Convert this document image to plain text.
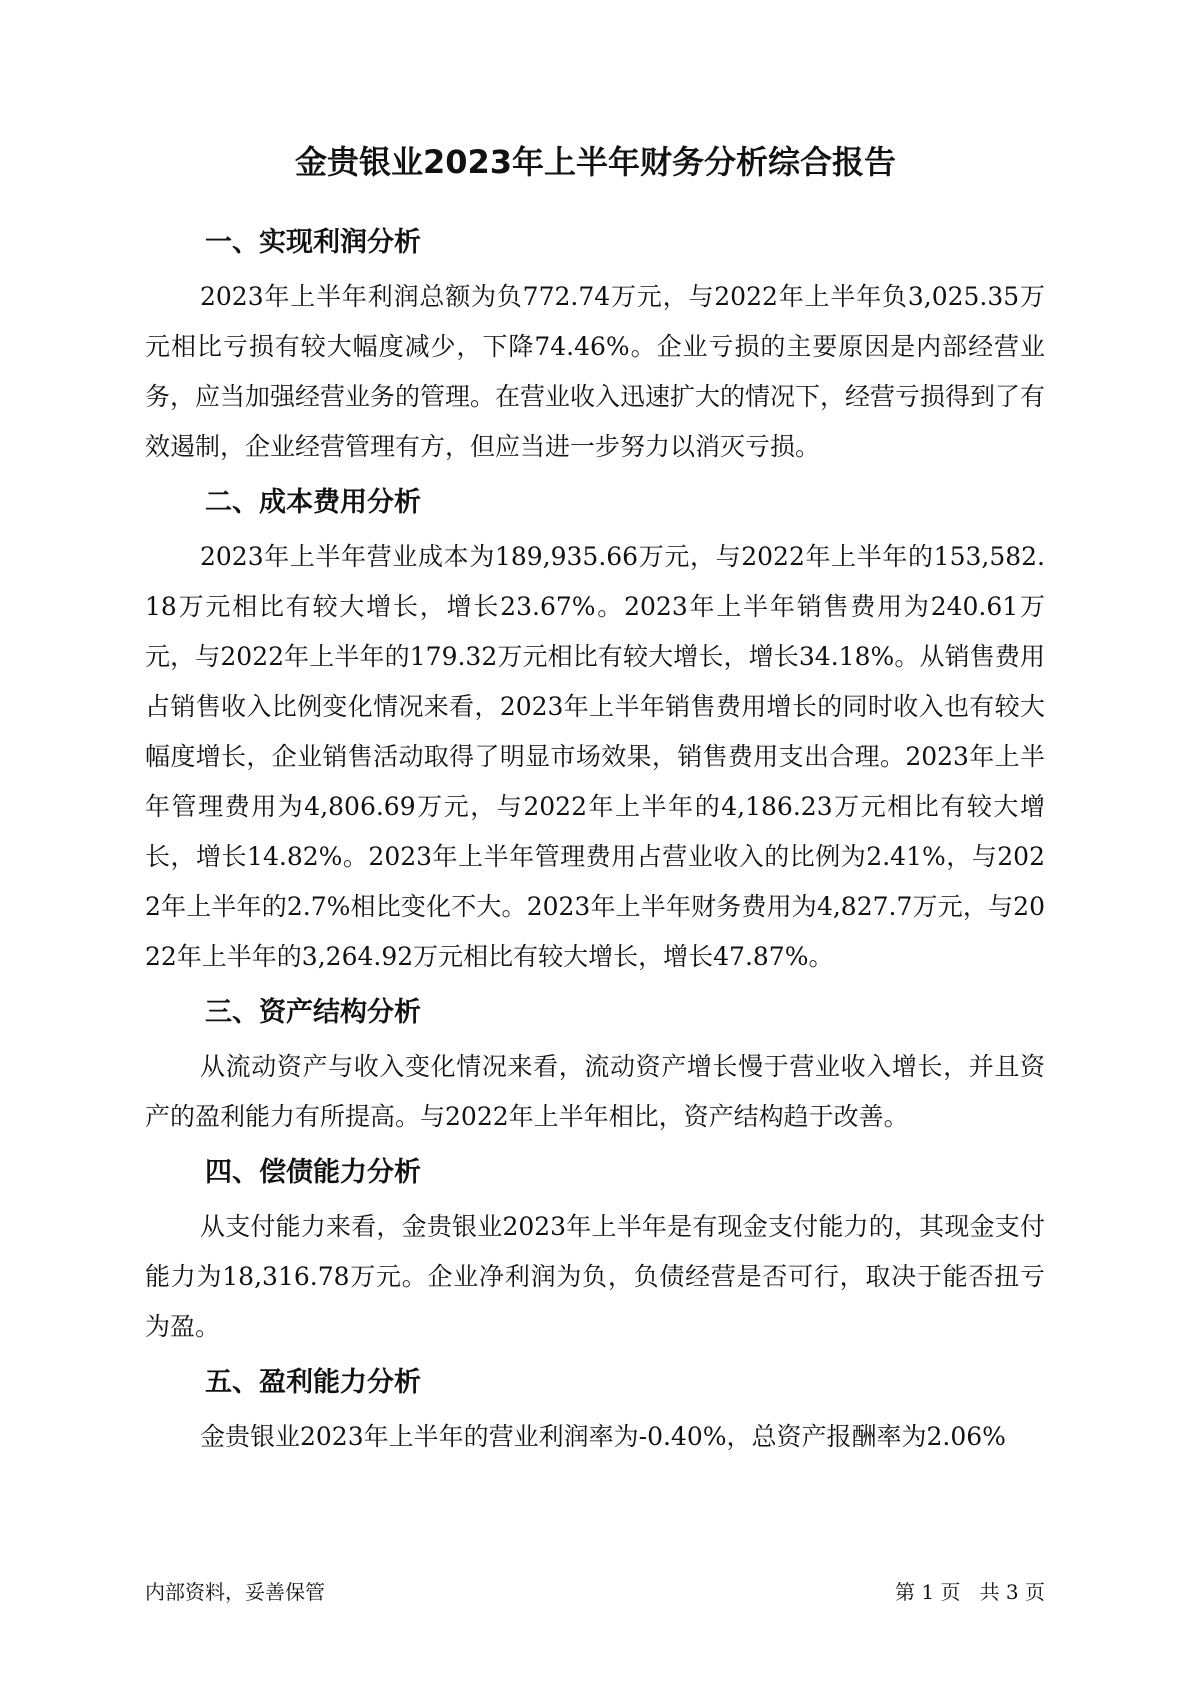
金贵银业2023年上半年财务分析综合报告
一、实现利润分析

2023年上半年利润总额为负772.74万元，与2022年上半年负3,025.35万元相比亏损有较大幅度减少，下降74.46%。企业亏损的主要原因是内部经营业务，应当加强经营业务的管理。在营业收入迅速扩大的情况下，经营亏损得到了有效遏制，企业经营管理有方，但应当进一步努力以消灭亏损。

二、成本费用分析

2023年上半年营业成本为189,935.66万元，与2022年上半年的153,582.18万元相比有较大增长，增长23.67%。2023年上半年销售费用为240.61万元，与2022年上半年的179.32万元相比有较大增长，增长34.18%。从销售费用占销售收入比例变化情况来看，2023年上半年销售费用增长的同时收入也有较大幅度增长，企业销售活动取得了明显市场效果，销售费用支出合理。2023年上半年管理费用为4,806.69万元，与2022年上半年的4,186.23万元相比有较大增长，增长14.82%。2023年上半年管理费用占营业收入的比例为2.41%，与2022年上半年的2.7%相比变化不大。2023年上半年财务费用为4,827.7万元，与2022年上半年的3,264.92万元相比有较大增长，增长47.87%。

三、资产结构分析

从流动资产与收入变化情况来看，流动资产增长慢于营业收入增长，并且资产的盈利能力有所提高。与2022年上半年相比，资产结构趋于改善。

四、偿债能力分析

从支付能力来看，金贵银业2023年上半年是有现金支付能力的，其现金支付能力为18,316.78万元。企业净利润为负，负债经营是否可行，取决于能否扭亏为盈。

五、盈利能力分析

金贵银业2023年上半年的营业利润率为-0.40%，总资产报酬率为2.06%

内部资料，妥善保管	第 1 页   共 3 页
